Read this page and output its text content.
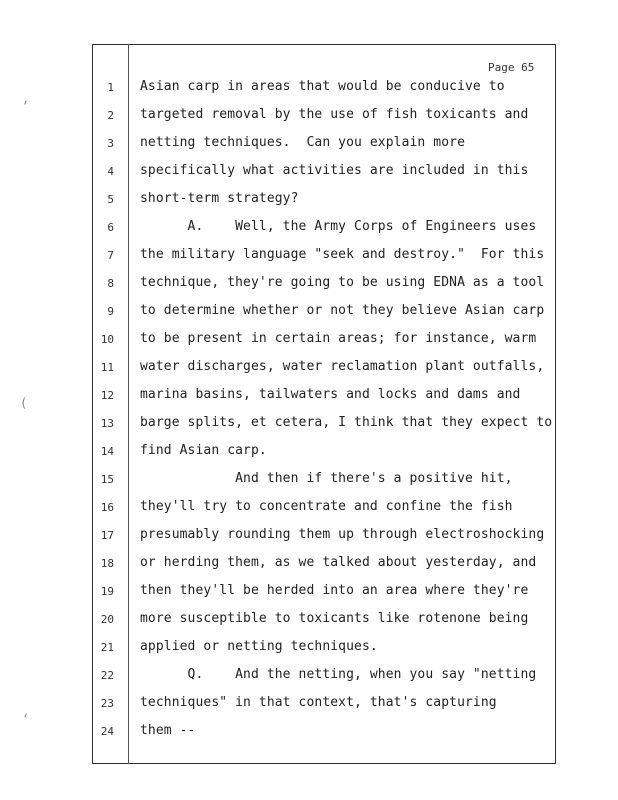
Page 65
‚
(
‘
1 Asian carp in areas that would be conducive to
2 targeted removal by the use of fish toxicants and
3 netting techniques.  Can you explain more
4 specifically what activities are included in this
5 short-term strategy?
6 A.    Well, the Army Corps of Engineers uses
7 the military language "seek and destroy."  For this
8 technique, they're going to be using EDNA as a tool
9 to determine whether or not they believe Asian carp
10 to be present in certain areas; for instance, warm
11 water discharges, water reclamation plant outfalls,
12 marina basins, tailwaters and locks and dams and
13 barge splits, et cetera, I think that they expect to
14 find Asian carp.
15 And then if there's a positive hit,
16 they'll try to concentrate and confine the fish
17 presumably rounding them up through electroshocking
18 or herding them, as we talked about yesterday, and
19 then they'll be herded into an area where they're
20 more susceptible to toxicants like rotenone being
21 applied or netting techniques.
22 Q.    And the netting, when you say "netting
23 techniques" in that context, that's capturing
24 them --
